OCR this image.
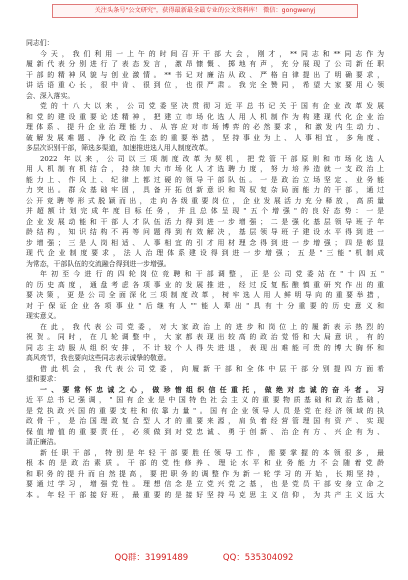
关注头条号"公文研究"，获得最新最全最专业的公文资料库！ 微信：gongwenyj
同志们：
今天，我们利用一上午的时间召开干部大会，刚才，**同志和**同志作为
履新代表分别进行了表态发言，激昂慷慨、掷地有声，充分展现了公司新任职
干部的精神风貌与创业激情。**书记对廉洁从政、严格自律提出了明确要求，
讲话语重心长，很中肯、很到位，也很严肃。我完全赞同，希望大家要用心领
会、深入落实。
党的十八大以来，公司党委坚决贯彻习近平总书记关于国有企业改革发展
和党的建设重要论述精神，把建立市场化选人用人机制作为构建现代化企业治
理体系、提升企业治理能力、从容应对市场博弈的必然要求，和激发内生动力、
破解发展难题、净化政治生态的重要举措，坚持事业为上、人事相宜，多角度、
多层次识别干部，筛选多渠道，加速推进选人用人制度改革。
2022 年以来，公司以三项制度改革为契机，把党管干部原则和市场化选人
用人机制有机结合，持续加大市场化人才选聘力度，努力培养造就一支政治上
能力上、作风上、纪律上都过硬的领导干部队伍。一是政治立场坚定、业务能
力突出。群众基础牢固，具备开拓创新意识和驾驭复杂局面能力的干部，通过
公开竞聘等形式脱颖而出，走向各级重要岗位，企业发展活力充分释放，高质量
并超额计划完成年度目标任务，并且总体呈现"五个增强"的良好态势：一是
企业发展动能和干部人才队伍活力得到进一步增强；二是强化基层领导班子年
龄结构，知识结构不再等问题得到有效解决，基层领导班子建设水平得到进一
步增强；三是人岗相适、人事相宜的引才用材理念得到进一步增强；四是彰显
现代企业制度要求，法人治理体系建设得到进一步增强；五是"三能"机制成
为常态，干部队伍的交流融合得到进一步增强。
年初至今进行的四轮岗位竞聘和干部调整，正是公司党委站在"十四五"
的历史高度，通盘考虑各项事业的发展推进，经过反复酝酿慎重研究作出的重
要决策，更是公司全面深化三项制度改革，树牢选人用人鲜明导向的重要举措，
对于保证企业各项事业"后继有人""能人辈出"具有十分重要的历史意义和
现实意义。
在此，我代表公司党委，对大家政治上的进步和岗位上的履新表示热烈的
祝贺。同时，在几轮调整中，大家都表现出较高的政治觉悟和大局意识，有的
同志主动服从组织安排，不计较个人得失进退，表现出难能可贵的博大胸怀和
高风亮节，我也要向这些同志表示诚挚的敬意。
借此机会，我代表公司党委，向履新干部和全体中层干部分别提四方面希
望和要求：
一、要常怀忠诚之心，做珍惜组织信任重托，做绝对忠诚的奋斗者。习
近平总书记强调，"国有企业是中国特色社会主义的重要物质基础和政治基础，
是党执政兴国的重要支柱和依靠力量"。国有企业领导人员是党在经济领域的执
政骨干，是治国理政复合型人才的重要来源，肩负着经营管理国有资产、实现
保值增值的重要责任，必须做到对党忠诚、勇于创新、治企有方、兴企有为、
清正廉洁。
新任职干部，特别是年轻干部要胜任领导工作，需要掌握的本领很多，最
根本的是政治素质。干部的党性修养、理论水平和业务能力不会随着党龄
和职务的提升而自然提高，要把职务的调整作为新一轮学习的开始，长期坚持，
要通过学习，增强党性。理想信念是立党兴党之基，也是党员干部安身立命之
本。年轻干部接好班，最重要的是接好坚持马克思主义信仰，为共产主义远大
QQ群：31991489	QQ：535304092
